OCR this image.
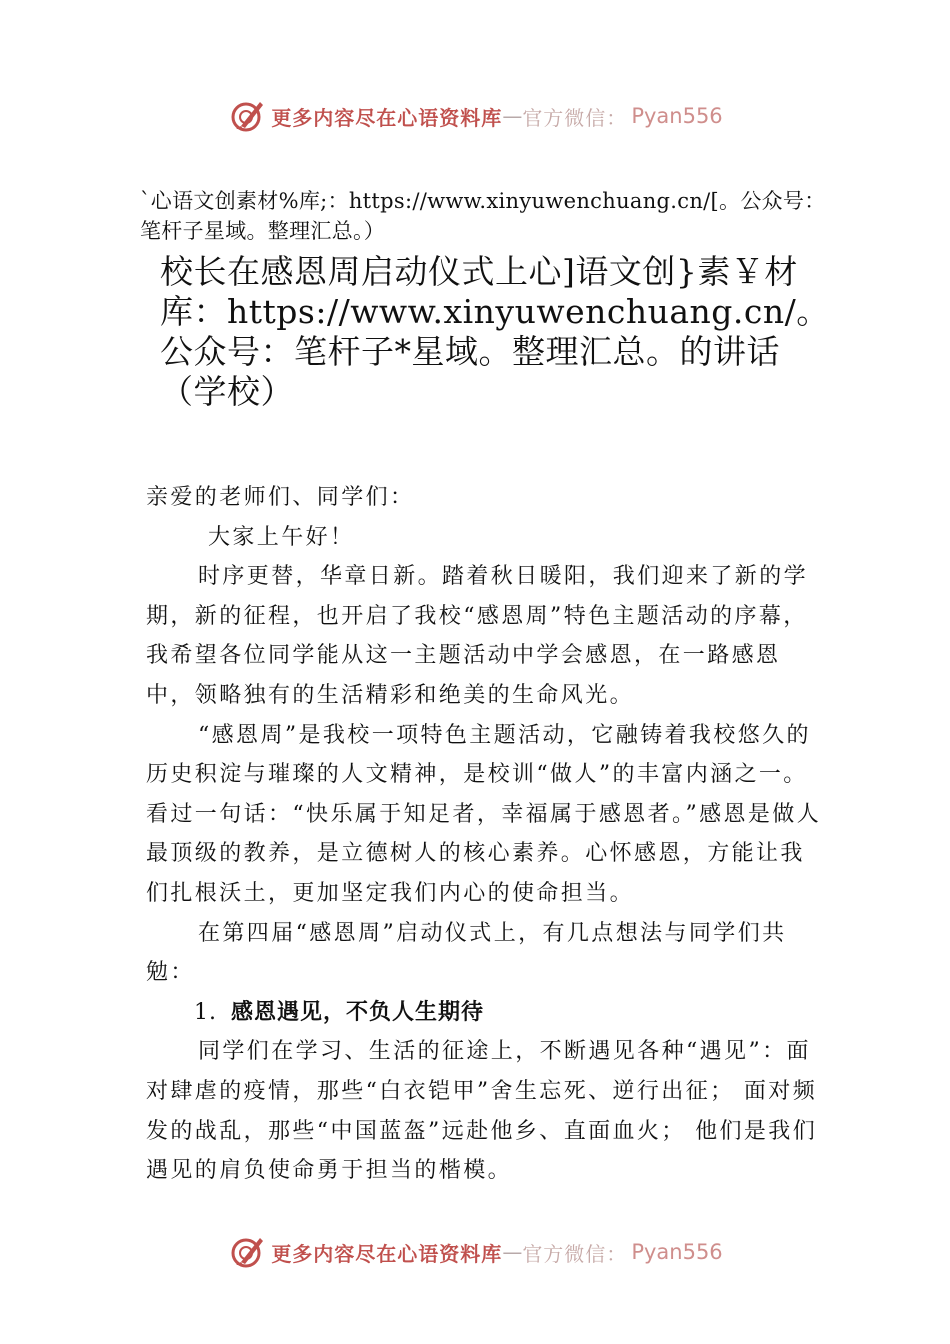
更多内容尽在心语资料库 — 官方微信： Pyan556
`心语文创素材%库;：https://www.xinyuwenchuang.cn/[。公众号：笔杆子星域。整理汇总。）
校长在感恩周启动仪式上心]语文创}素￥材库：https://www.xinyuwenchuang.cn/。公众号：笔杆子*星域。整理汇总。的讲话（学校）

亲爱的老师们、同学们：

大家上午好！

时序更替，华章日新。踏着秋日暖阳，我们迎来了新的学期，新的征程，也开启了我校“感恩周”特色主题活动的序幕，我希望各位同学能从这一主题活动中学会感恩，在一路感恩中，领略独有的生活精彩和绝美的生命风光。

“感恩周”是我校一项特色主题活动，它融铸着我校悠久的历史积淀与璀璨的人文精神，是校训“做人”的丰富内涵之一。看过一句话：“快乐属于知足者，幸福属于感恩者。”感恩是做人最顶级的教养，是立德树人的核心素养。心怀感恩，方能让我们扎根沃土，更加坚定我们内心的使命担当。

在第四届“感恩周”启动仪式上，有几点想法与同学们共勉：

1. 感恩遇见，不负人生期待

同学们在学习、生活的征途上，不断遇见各种“遇见”：面对肆虐的疫情，那些“白衣铠甲”舍生忘死、逆行出征； 面对频发的战乱，那些“中国蓝盔”远赴他乡、直面血火； 他们是我们遇见的肩负使命勇于担当的楷模。

更多内容尽在心语资料库 — 官方微信： Pyan556
